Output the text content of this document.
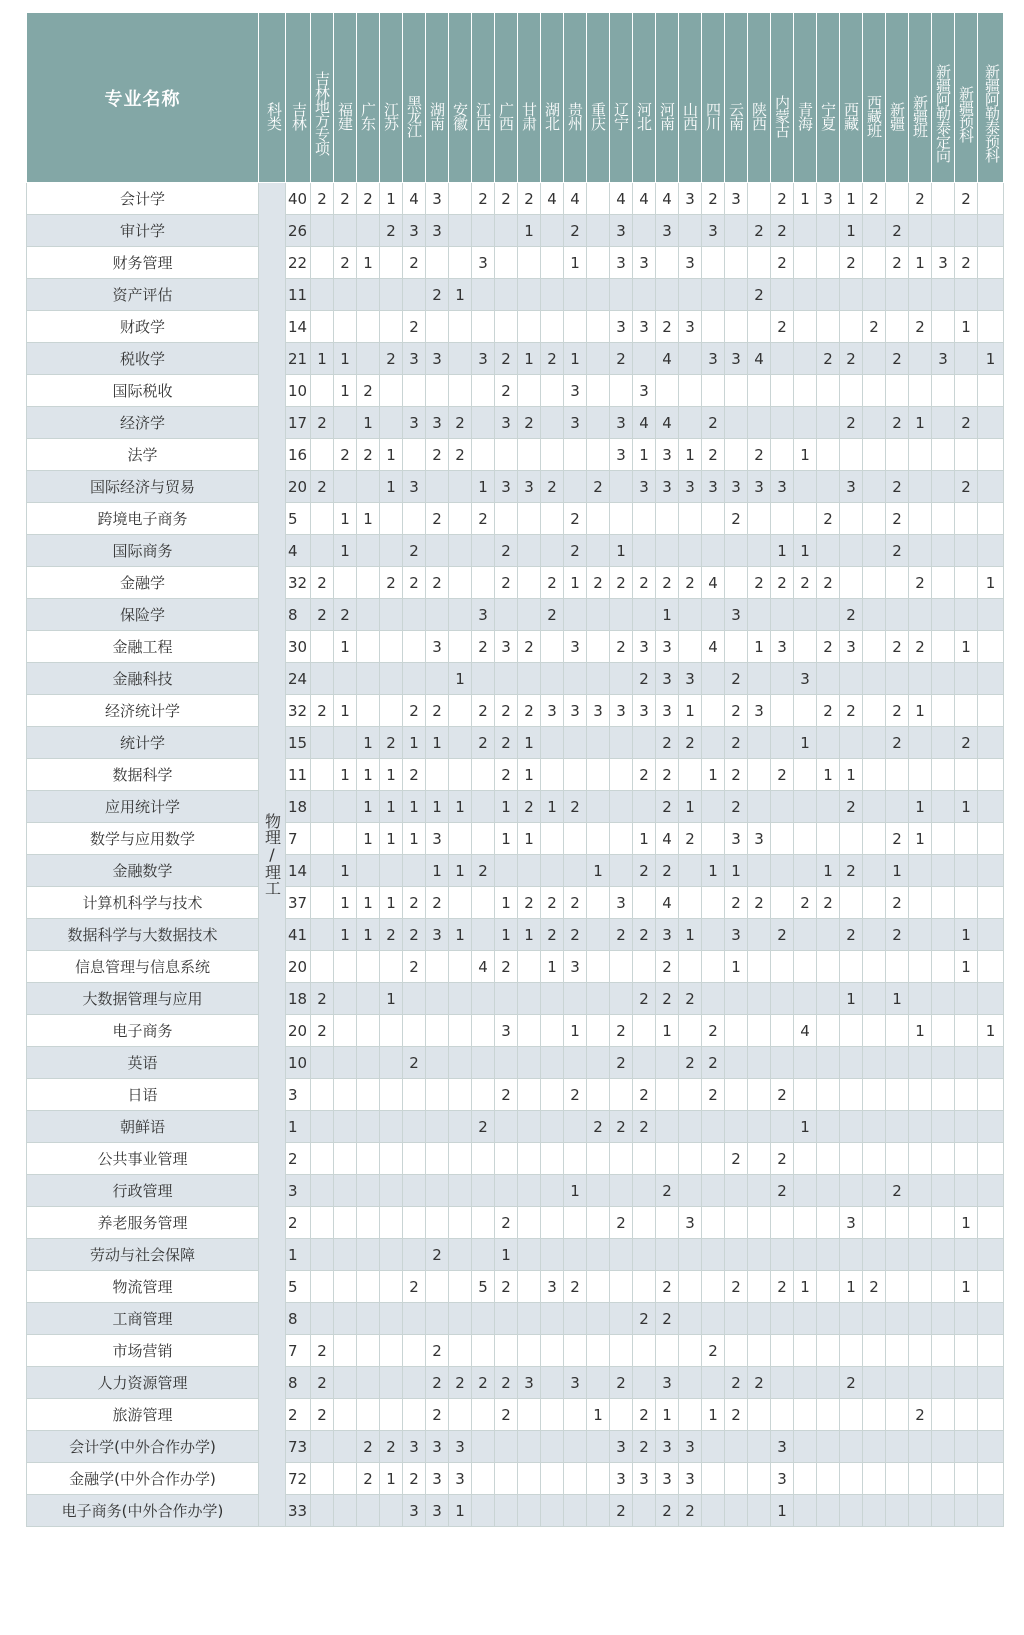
专业名称	科类	吉林	吉林地方专项	福建	广东	江苏	黑龙江	湖南	安徽	江西	广西	甘肃	湖北	贵州	重庆	辽宁	河北	河南	山西	四川	云南	陕西	内蒙古	青海	宁夏	西藏	西藏班	新疆	新疆班	新疆阿勒泰定向	新疆预科	新疆阿勒泰预科
会计学	物理/理工	40	2	2	2	1	4	3		2	2	2	4	4		4	4	4	3	2	3		2	1	3	1	2		2		2	
审计学		26				2	3	3				1		2		3		3		3		2	2			1		2				
财务管理		22		2	1		2			3				1		3	3		3				2			2		2	1	3	2	
资产评估		11						2	1													2										
财政学		14					2									3	3	2	3				2				2		2		1	
税收学		21	1	1		2	3	3		3	2	1	2	1		2		4		3	3	4			2	2		2		3		1
国际税收		10		1	2						2			3			3															
经济学		17	2		1		3	3	2		3	2		3		3	4	4		2						2		2	1		2	
法学		16		2	2	1		2	2							3	1	3	1	2		2		1								
国际经济与贸易		20	2			1	3			1	3	3	2		2		3	3	3	3	3	3	3			3		2			2	
跨境电子商务		5		1	1			2		2				2							2				2			2				
国际商务		4		1			2				2			2		1							1	1				2				
金融学		32	2			2	2	2			2		2	1	2	2	2	2	2	4		2	2	2	2				2			1
保险学		8	2	2						3			2					1			3					2						
金融工程		30		1				3		2	3	2		3		2	3	3		4		1	3		2	3		2	2		1	
金融科技		24							1								2	3	3		2			3								
经济统计学		32	2	1			2	2		2	2	2	3	3	3	3	3	3	1		2	3			2	2		2	1			
统计学		15			1	2	1	1		2	2	1						2	2		2			1				2			2	
数据科学		11		1	1	1	2				2	1					2	2		1	2		2		1	1						
应用统计学		18			1	1	1	1	1		1	2	1	2				2	1		2					2			1		1	
数学与应用数学		7			1	1	1	3			1	1					1	4	2		3	3						2	1			
金融数学		14		1				1	1	2					1		2	2		1	1				1	2		1				
计算机科学与技术		37		1	1	1	2	2			1	2	2	2		3		4			2	2		2	2			2				
数据科学与大数据技术		41		1	1	2	2	3	1		1	1	2	2		2	2	3	1		3		2			2		2			1	
信息管理与信息系统		20					2			4	2		1	3				2			1										1	
大数据管理与应用		18	2			1											2	2	2							1		1				
电子商务		20	2								3			1		2		1		2				4					1			1
英语		10					2									2			2	2												
日语		3									2			2			2			2			2									
朝鲜语		1								2					2	2	2							1								
公共事业管理		2																			2		2									
行政管理		3												1				2					2					2				
养老服务管理		2									2					2			3							3					1	
劳动与社会保障		1						2			1																					
物流管理		5					2			5	2		3	2				2			2		2	1		1	2				1	
工商管理		8															2	2														
市场营销		7	2					2												2												
人力资源管理		8	2					2	2	2	2	3		3		2		3			2	2				2						
旅游管理		2	2					2			2				1		2	1		1	2								2			
会计学(中外合作办学)		73			2	2	3	3	3							3	2	3	3				3									
金融学(中外合作办学)		72			2	1	2	3	3							3	3	3	3				3									
电子商务(中外合作办学)		33					3	3	1							2		2	2				1									
